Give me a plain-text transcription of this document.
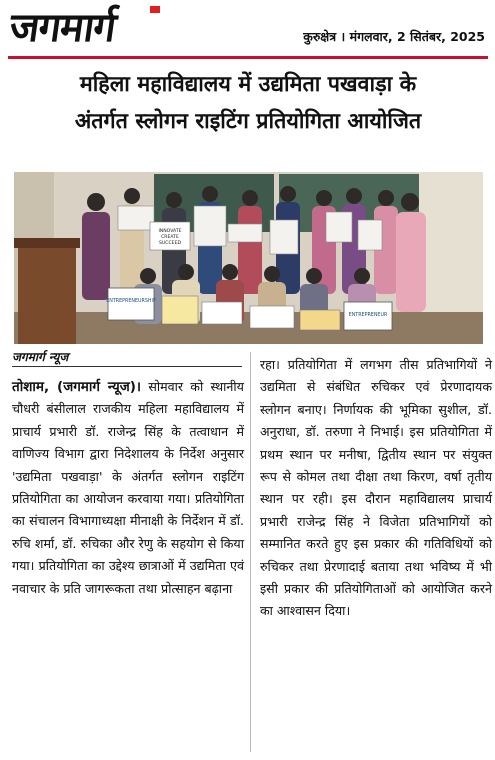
जगमार्ग	कुरुक्षेत्र । मंगलवार, 2 सितंबर, 2025
महिला महाविद्यालय में उद्यमिता पखवाड़ा के
अंतर्गत स्लोगन राइटिंग प्रतियोगिता आयोजित
INNOVATE CREATE SUCCEED
ENTREPRENEURSHIP
ENTREPRENEUR
जगमार्ग न्यूज

तोशाम, (जगमार्ग न्यूज)। सोमवार को स्थानीय चौधरी बंसीलाल राजकीय महिला महाविद्यालय में प्राचार्य प्रभारी डॉ. राजेन्द्र सिंह के तत्वाधान में वाणिज्य विभाग द्वारा निदेशालय के निर्देश अनुसार 'उद्यमिता पखवाड़ा' के अंतर्गत स्लोगन राइटिंग प्रतियोगिता का आयोजन करवाया गया। प्रतियोगिता का संचालन विभागाध्यक्षा मीनाक्षी के निर्देशन में डॉ. रुचि शर्मा, डॉ. रुचिका और रेणु के सहयोग से किया गया। प्रतियोगिता का उद्देश्य छात्राओं में उद्यमिता एवं नवाचार के प्रति जागरूकता तथा प्रोत्साहन बढ़ाना

रहा। प्रतियोगिता में लगभग तीस प्रतिभागियों ने उद्यमिता से संबंधित रुचिकर एवं प्रेरणादायक स्लोगन बनाए। निर्णायक की भूमिका सुशील, डॉ. अनुराधा, डॉ. तरुणा ने निभाई। इस प्रतियोगिता में प्रथम स्थान पर मनीषा, द्वितीय स्थान पर संयुक्त रूप से कोमल तथा दीक्षा तथा किरण, वर्षा तृतीय स्थान पर रही। इस दौरान महाविद्यालय प्राचार्य प्रभारी राजेन्द्र सिंह ने विजेता प्रतिभागियों को सम्मानित करते हुए इस प्रकार की गतिविधियों को रुचिकर तथा प्रेरणादाई बताया तथा भविष्य में भी इसी प्रकार की प्रतियोगिताओं को आयोजित करने का आश्वासन दिया।
